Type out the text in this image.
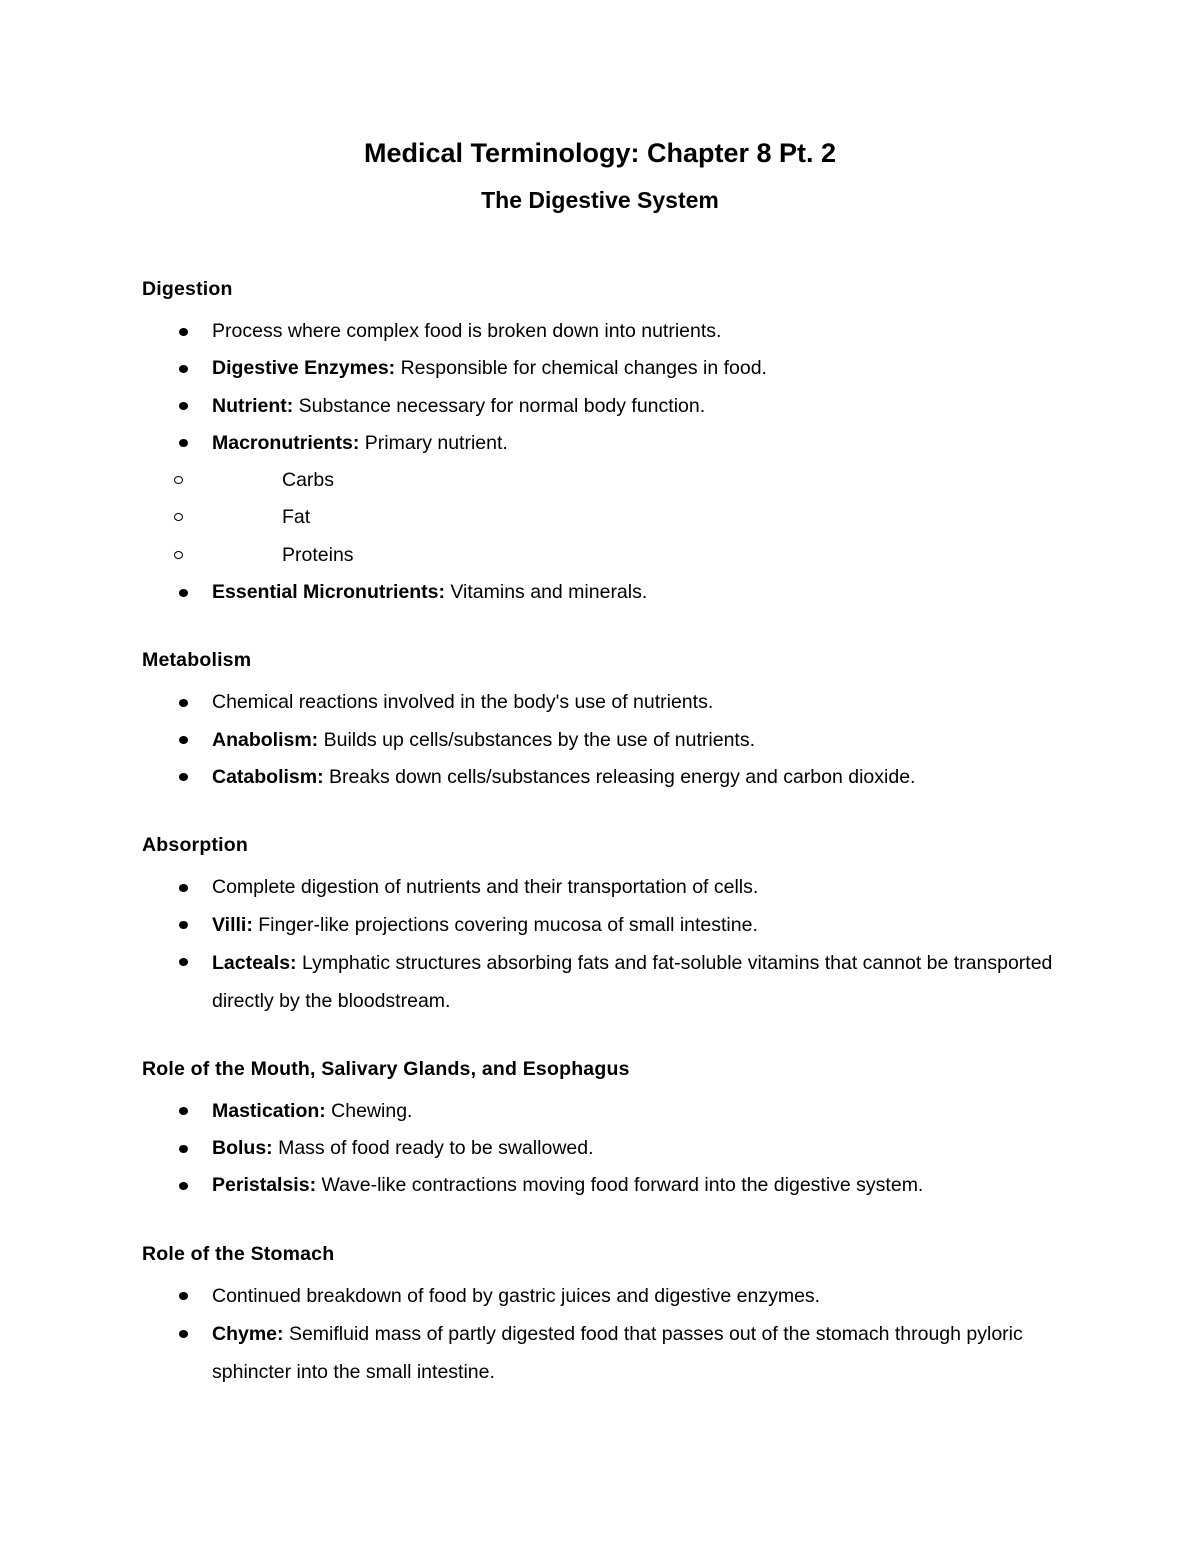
Medical Terminology: Chapter 8 Pt. 2
The Digestive System
Digestion
Process where complex food is broken down into nutrients.
Digestive Enzymes: Responsible for chemical changes in food.
Nutrient: Substance necessary for normal body function.
Macronutrients: Primary nutrient.
Carbs
Fat
Proteins
Essential Micronutrients: Vitamins and minerals.
Metabolism
Chemical reactions involved in the body's use of nutrients.
Anabolism: Builds up cells/substances by the use of nutrients.
Catabolism: Breaks down cells/substances releasing energy and carbon dioxide.
Absorption
Complete digestion of nutrients and their transportation of cells.
Villi: Finger-like projections covering mucosa of small intestine.
Lacteals: Lymphatic structures absorbing fats and fat-soluble vitamins that cannot be transported directly by the bloodstream.
Role of the Mouth, Salivary Glands, and Esophagus
Mastication: Chewing.
Bolus: Mass of food ready to be swallowed.
Peristalsis: Wave-like contractions moving food forward into the digestive system.
Role of the Stomach
Continued breakdown of food by gastric juices and digestive enzymes.
Chyme: Semifluid mass of partly digested food that passes out of the stomach through pyloric sphincter into the small intestine.
